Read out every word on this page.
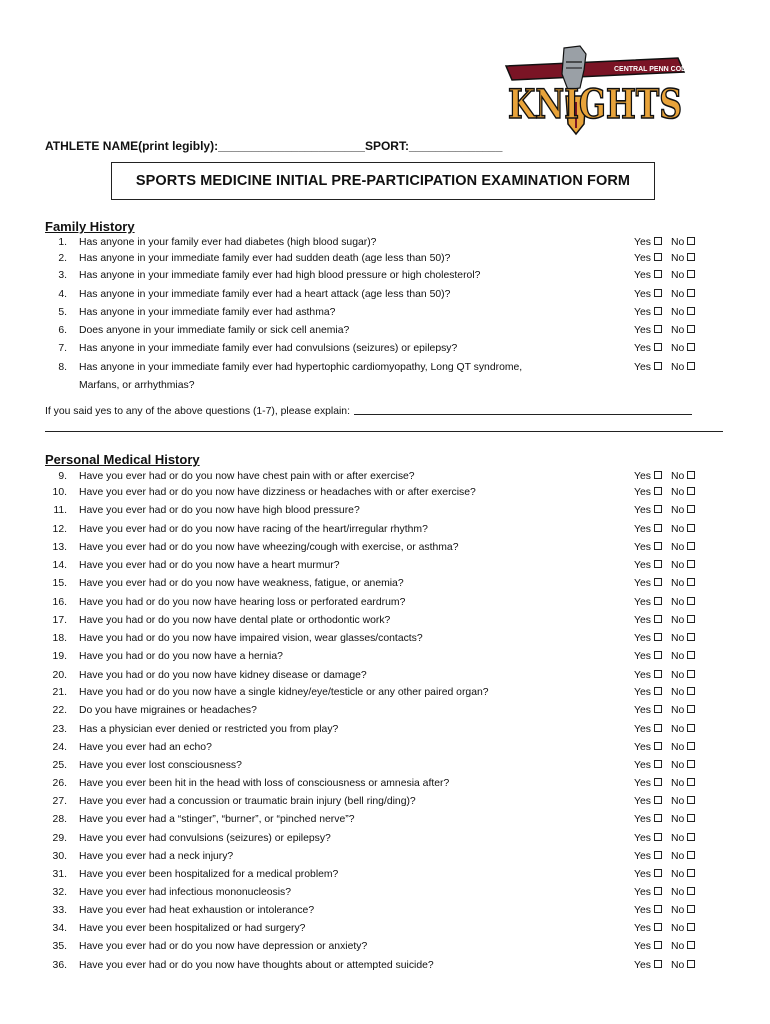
CENTRAL PENN COLLEGE
KNIGHTS
ATHLETE NAME(print legibly):______________________SPORT:______________
SPORTS MEDICINE INITIAL PRE-PARTICIPATION EXAMINATION FORM
Family History
1. Has anyone in your family ever had diabetes (high blood sugar)?	Yes No
2. Has anyone in your immediate family ever had sudden death (age less than 50)?	Yes No
3. Has anyone in your immediate family ever had high blood pressure or high cholesterol?	Yes No
4. Has anyone in your immediate family ever had a heart attack (age less than 50)?	Yes No
5. Has anyone in your immediate family ever had asthma?	Yes No
6. Does anyone in your immediate family or sick cell anemia?	Yes No
7. Has anyone in your immediate family ever had convulsions (seizures) or epilepsy?	Yes No
8. Has anyone in your immediate family ever had hypertophic cardiomyopathy, Long QT syndrome,
Marfans, or arrhythmias?
Yes No
If you said yes to any of the above questions (1-7), please explain:
Personal Medical History
9. Have you ever had or do you now have chest pain with or after exercise?	Yes No
10. Have you ever had or do you now have dizziness or headaches with or after exercise?	Yes No
11. Have you ever had or do you now have high blood pressure?	Yes No
12. Have you ever had or do you now have racing of the heart/irregular rhythm?	Yes No
13. Have you ever had or do you now have wheezing/cough with exercise, or asthma?	Yes No
14. Have you ever had or do you now have a heart murmur?	Yes No
15. Have you ever had or do you now have weakness, fatigue, or anemia?	Yes No
16. Have you had or do you now have hearing loss or perforated eardrum?	Yes No
17. Have you had or do you now have dental plate or orthodontic work?	Yes No
18. Have you had or do you now have impaired vision, wear glasses/contacts?	Yes No
19. Have you had or do you now have a hernia?	Yes No
20. Have you had or do you now have kidney disease or damage?	Yes No
21. Have you had or do you now have a single kidney/eye/testicle or any other paired organ?	Yes No
22. Do you have migraines or headaches?	Yes No
23. Has a physician ever denied or restricted you from play?	Yes No
24. Have you ever had an echo?	Yes No
25. Have you ever lost consciousness?	Yes No
26. Have you ever been hit in the head with loss of consciousness or amnesia after?	Yes No
27. Have you ever had a concussion or traumatic brain injury (bell ring/ding)?	Yes No
28. Have you ever had a “stinger”, “burner”, or “pinched nerve”?	Yes No
29. Have you ever had convulsions (seizures) or epilepsy?	Yes No
30. Have you ever had a neck injury?	Yes No
31. Have you ever been hospitalized for a medical problem?	Yes No
32. Have you ever had infectious mononucleosis?	Yes No
33. Have you ever had heat exhaustion or intolerance?	Yes No
34. Have you ever been hospitalized or had surgery?	Yes No
35. Have you ever had or do you now have depression or anxiety?	Yes No
36. Have you ever had or do you now have thoughts about or attempted suicide?	Yes No
